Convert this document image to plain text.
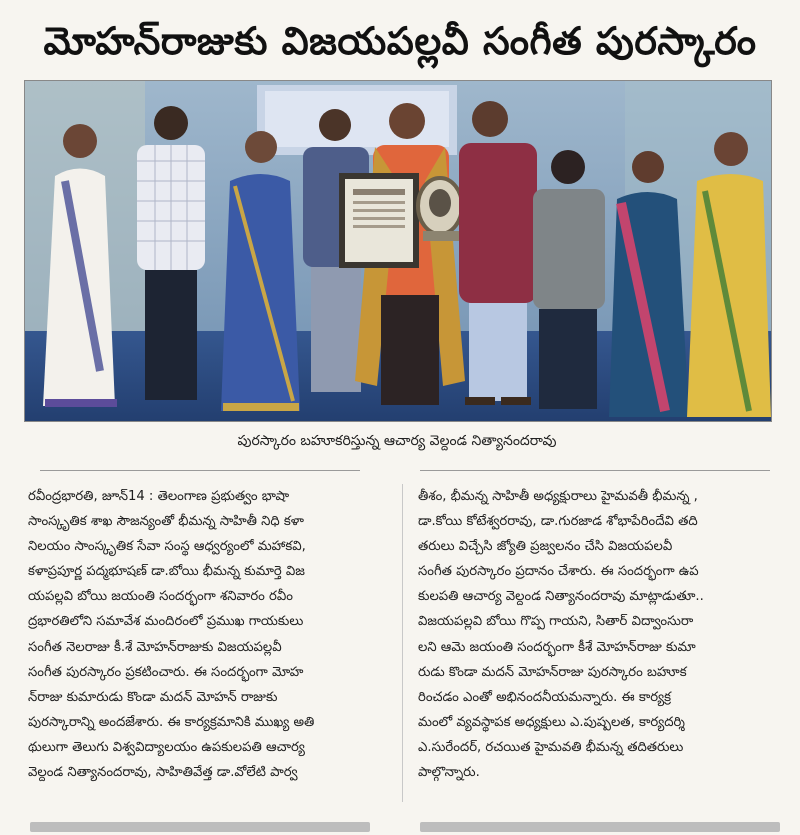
మోహన్‌రాజుకు విజయపల్లవీ సంగీత పురస్కారం
పురస్కారం బహూకరిస్తున్న ఆచార్య వెల్దండ నిత్యానందరావు
రవీంద్రభారతి, జూన్14 : తెలంగాణ ప్రభుత్వం భాషా
సాంస్కృతిక శాఖ సౌజన్యంతో భీమన్న సాహితీ నిధి కళా
నిలయం సాంస్కృతిక సేవా సంస్థ ఆధ్వర్యంలో మహాకవి,
కళాప్రపూర్ణ పద్మభూషణ్ డా.బోయి భీమన్న కుమార్తె విజ
యపల్లవి బోయి జయంతి సందర్భంగా శనివారం రవీం
ద్రభారతిలోని సమావేశ మందిరంలో ప్రముఖ గాయకులు
సంగీత నెలరాజు కీ.శే మోహన్‌రాజుకు విజయపల్లవీ
సంగీత పురస్కారం ప్రకటించారు. ఈ సందర్భంగా మోహ
న్‌రాజు కుమారుడు కొండా మదన్ మోహన్ రాజుకు
పురస్కారాన్ని అందజేశారు. ఈ కార్యక్రమానికి ముఖ్య అతి
థులుగా తెలుగు విశ్వవిద్యాలయం ఉపకులపతి ఆచార్య
వెల్దండ నిత్యానందరావు, సాహితివేత్త డా.వోలేటి పార్వ
తీశం, భీమన్న సాహితీ అధ్యక్షురాలు హైమవతీ భీమన్న ,
డా.కోయి కోటేశ్వరరావు, డా.గురజాడ శోభాపేరిందేవి తది
తరులు విచ్చేసి జ్యోతి ప్రజ్వలనం చేసి విజయపలవీ
సంగీత పురస్కారం ప్రదానం చేశారు. ఈ సందర్భంగా ఉప
కులపతి ఆచార్య వెల్దండ నిత్యానందరావు మాట్లాడుతూ..
విజయపల్లవి బోయి గొప్ప గాయని, సితార్ విద్వాంసురా
లని ఆమె జయంతి సందర్భంగా కీశే మోహన్‌రాజు కుమా
రుడు కొండా మదన్ మోహన్‌రాజు పురస్కారం బహూక
రించడం ఎంతో అభినందనీయమన్నారు. ఈ కార్యక్ర
మంలో వ్యవస్థాపక అధ్యక్షులు ఎ.పుష్పలత, కార్యదర్శి
ఎ.సురేందర్, రచయిత హైమవతి భీమన్న తదితరులు
పాల్గొన్నారు.
